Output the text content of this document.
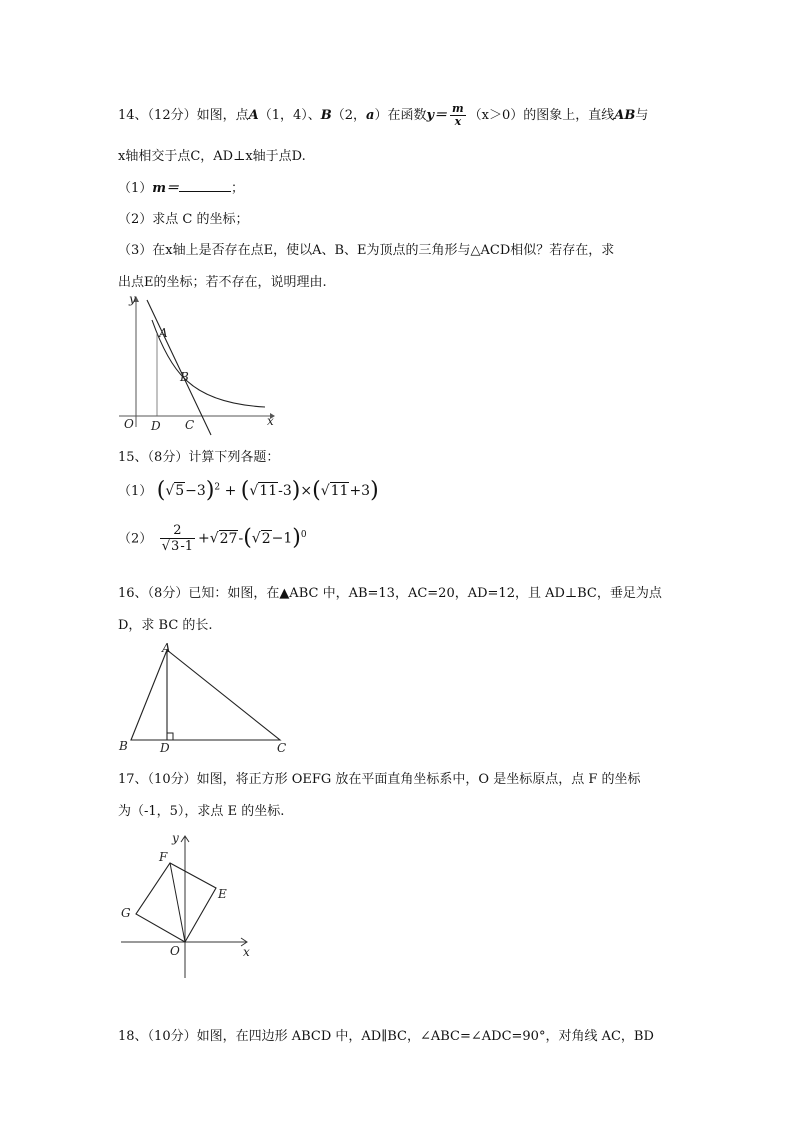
14、（12分）如图，点A（1，4）、B（2，a）在函数$y= \frac{m}{x} (x>0)$的图象上，直线AB与
x轴相交于点C，AD⊥x轴于点D.
（1）m＝	；
（2）求点 C 的坐标；
（3）在x轴上是否存在点E，使以A、B、E为顶点的三角形与△ACD相似？若存在，求
出点E的坐标；若不存在，说明理由.
y
A
B
x
O D C
15、（8分）计算下列各题：
（1） $(√5-3)^2 + (√11-3)\times(√11+3)$
$(2) \frac{2}{√3-1} +√27-(√2-1)^0$
16、（8分）已知：如图，在▲ABC 中，AB=13，AC=20，AD=12，且 AD⊥BC，垂足为点
D，求 BC 的长.
A
B	D	C
17、（10分）如图，将正方形 OEFG 放在平面直角坐标系中，O 是坐标原点，点 F 的坐标
为（-1，5），求点 E 的坐标.
y
x
F
E
G
O
18、（10分）如图，在四边形 ABCD 中，AD∥BC，∠ABC=∠ADC=90°，对角线 AC，BD
